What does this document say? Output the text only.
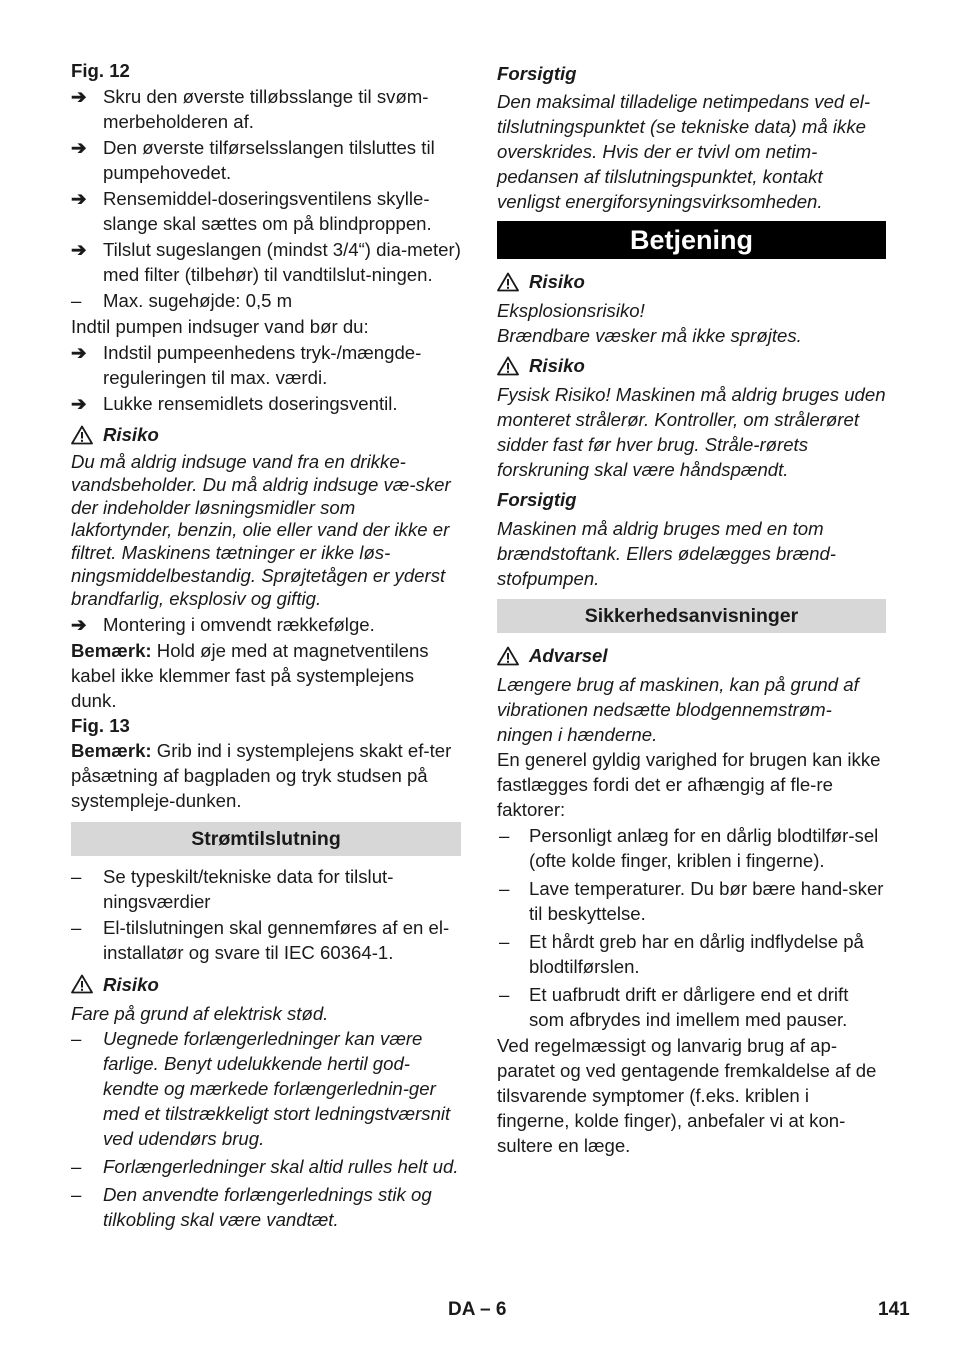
Fig. 12

➔ Skru den øverste tilløbsslange til svøm-merbeholderen af.

➔ Den øverste tilførselsslangen tilsluttes til pumpehovedet.

➔ Rensemiddel-doseringsventilens skylle-slange skal sættes om på blindproppen.

➔ Tilslut sugeslangen (mindst 3/4“) dia-meter) med filter (tilbehør) til vandtilslut-ningen.

– Max. sugehøjde: 0,5 m

Indtil pumpen indsuger vand bør du:

➔ Indstil pumpeenhedens tryk-/mængde-reguleringen til max. værdi.

➔ Lukke rensemidlets doseringsventil.

Risiko

Du må aldrig indsuge vand fra en drikke-vandsbeholder. Du må aldrig indsuge væ-sker der indeholder løsningsmidler som lakfortynder, benzin, olie eller vand der ikke er filtret. Maskinens tætninger er ikke løs-ningsmiddelbestandig. Sprøjtetågen er yderst brandfarlig, eksplosiv og giftig.

➔ Montering i omvendt rækkefølge.

Bemærk: Hold øje med at magnetventilens kabel ikke klemmer fast på systemplejens dunk.

Fig. 13

Bemærk: Grib ind i systemplejens skakt ef-ter påsætning af bagpladen og tryk studsen på systempleje-dunken.

Strømtilslutning
– Se typeskilt/tekniske data for tilslut-ningsværdier

– El-tilslutningen skal gennemføres af en el-installatør og svare til IEC 60364-1.

Risiko

Fare på grund af elektrisk stød.

– Uegnede forlængerledninger kan være farlige. Benyt udelukkende hertil god-kendte og mærkede forlængerlednin-ger med et tilstrækkeligt stort ledningstværsnit ved udendørs brug.

– Forlængerledninger skal altid rulles helt ud.

– Den anvendte forlængerlednings stik og tilkobling skal være vandtæt.

Forsigtig

Den maksimal tilladelige netimpedans ved el-tilslutningspunktet (se tekniske data) må ikke overskrides. Hvis der er tvivl om netim-pedansen af tilslutningspunktet, kontakt venligst energiforsyningsvirksomheden.

Betjening
Risiko

Eksplosionsrisiko!

Brændbare væsker må ikke sprøjtes.

Risiko

Fysisk Risiko! Maskinen må aldrig bruges uden monteret strålerør. Kontroller, om strålerøret sidder fast før hver brug. Stråle-rørets forskruning skal være håndspændt.

Forsigtig

Maskinen må aldrig bruges med en tom brændstoftank. Ellers ødelægges brænd-stofpumpen.

Sikkerhedsanvisninger
Advarsel

Længere brug af maskinen, kan på grund af vibrationen nedsætte blodgennemstrøm-ningen i hænderne.

En generel gyldig varighed for brugen kan ikke fastlægges fordi det er afhængig af fle-re faktorer:

– Personligt anlæg for en dårlig blodtilfør-sel (ofte kolde finger, kriblen i fingerne).

– Lave temperaturer. Du bør bære hand-sker til beskyttelse.

– Et hårdt greb har en dårlig indflydelse på blodtilførslen.

– Et uafbrudt drift er dårligere end et drift som afbrydes ind imellem med pauser.

Ved regelmæssigt og lanvarig brug af ap-paratet og ved gentagende fremkaldelse af de tilsvarende symptomer (f.eks. kriblen i fingerne, kolde finger), anbefaler vi at kon-sultere en læge.

DA – 6	141
